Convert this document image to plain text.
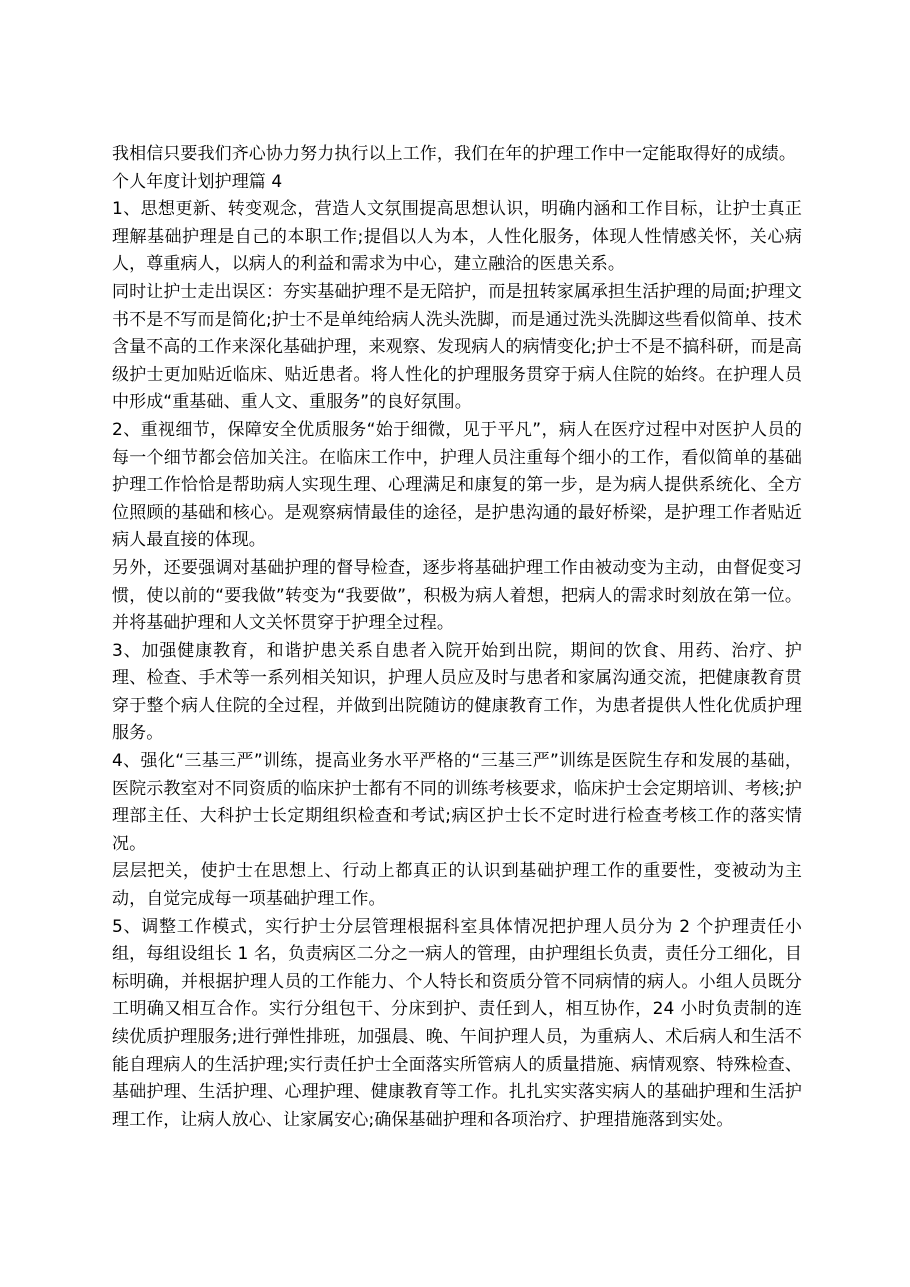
我相信只要我们齐心协力努力执行以上工作，我们在年的护理工作中一定能取得好的成绩。

个人年度计划护理篇 4

1、思想更新、转变观念，营造人文氛围提高思想认识，明确内涵和工作目标，让护士真正理解基础护理是自己的本职工作;提倡以人为本，人性化服务，体现人性情感关怀，关心病人，尊重病人，以病人的利益和需求为中心，建立融洽的医患关系。

同时让护士走出误区：夯实基础护理不是无陪护，而是扭转家属承担生活护理的局面;护理文书不是不写而是简化;护士不是单纯给病人洗头洗脚，而是通过洗头洗脚这些看似简单、技术含量不高的工作来深化基础护理，来观察、发现病人的病情变化;护士不是不搞科研，而是高级护士更加贴近临床、贴近患者。将人性化的护理服务贯穿于病人住院的始终。在护理人员中形成“重基础、重人文、重服务”的良好氛围。

2、重视细节，保障安全优质服务“始于细微，见于平凡”，病人在医疗过程中对医护人员的每一个细节都会倍加关注。在临床工作中，护理人员注重每个细小的工作，看似简单的基础护理工作恰恰是帮助病人实现生理、心理满足和康复的第一步，是为病人提供系统化、全方位照顾的基础和核心。是观察病情最佳的途径，是护患沟通的最好桥梁，是护理工作者贴近病人最直接的体现。

另外，还要强调对基础护理的督导检查，逐步将基础护理工作由被动变为主动，由督促变习惯，使以前的“要我做”转变为“我要做”，积极为病人着想，把病人的需求时刻放在第一位。并将基础护理和人文关怀贯穿于护理全过程。

3、加强健康教育，和谐护患关系自患者入院开始到出院，期间的饮食、用药、治疗、护理、检查、手术等一系列相关知识，护理人员应及时与患者和家属沟通交流，把健康教育贯穿于整个病人住院的全过程，并做到出院随访的健康教育工作，为患者提供人性化优质护理服务。

4、强化“三基三严”训练，提高业务水平严格的“三基三严”训练是医院生存和发展的基础，医院示教室对不同资质的临床护士都有不同的训练考核要求，临床护士会定期培训、考核;护理部主任、大科护士长定期组织检查和考试;病区护士长不定时进行检查考核工作的落实情况。

层层把关，使护士在思想上、行动上都真正的认识到基础护理工作的重要性，变被动为主动，自觉完成每一项基础护理工作。

5、调整工作模式，实行护士分层管理根据科室具体情况把护理人员分为 2 个护理责任小组，每组设组长 1 名，负责病区二分之一病人的管理，由护理组长负责，责任分工细化，目标明确，并根据护理人员的工作能力、个人特长和资质分管不同病情的病人。小组人员既分工明确又相互合作。实行分组包干、分床到护、责任到人，相互协作，24 小时负责制的连续优质护理服务;进行弹性排班，加强晨、晚、午间护理人员，为重病人、术后病人和生活不能自理病人的生活护理;实行责任护士全面落实所管病人的质量措施、病情观察、特殊检查、基础护理、生活护理、心理护理、健康教育等工作。扎扎实实落实病人的基础护理和生活护理工作，让病人放心、让家属安心;确保基础护理和各项治疗、护理措施落到实处。
